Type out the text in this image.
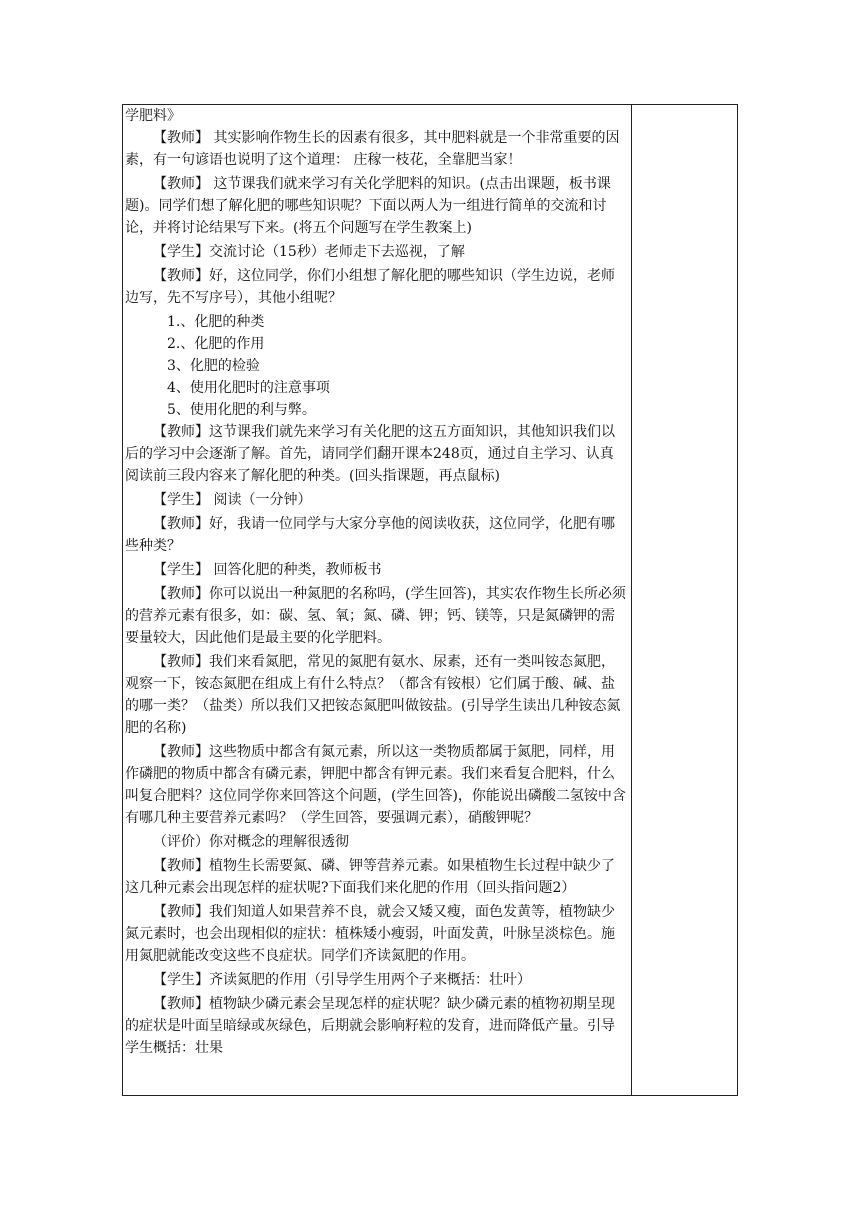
学肥料》

【教师】 其实影响作物生长的因素有很多，其中肥料就是一个非常重要的因素，有一句谚语也说明了这个道理： 庄稼一枝花，全靠肥当家！

【教师】 这节课我们就来学习有关化学肥料的知识。(点击出课题，板书课题)。同学们想了解化肥的哪些知识呢？下面以两人为一组进行简单的交流和讨论，并将讨论结果写下来。(将五个问题写在学生教案上)

【学生】交流讨论（15秒）老师走下去巡视，了解

【教师】好，这位同学，你们小组想了解化肥的哪些知识（学生边说，老师边写，先不写序号），其他小组呢？

1.、化肥的种类

2.、化肥的作用

3、化肥的检验

4、使用化肥时的注意事项

5、使用化肥的利与弊。

【教师】这节课我们就先来学习有关化肥的这五方面知识，其他知识我们以后的学习中会逐渐了解。首先，请同学们翻开课本248页，通过自主学习、认真阅读前三段内容来了解化肥的种类。(回头指课题，再点鼠标)

【学生】 阅读（一分钟）

【教师】好，我请一位同学与大家分享他的阅读收获，这位同学，化肥有哪些种类？

【学生】 回答化肥的种类，教师板书

【教师】你可以说出一种氮肥的名称吗，(学生回答)，其实农作物生长所必须的营养元素有很多，如：碳、氢、氧；氮、磷、钾；钙、镁等，只是氮磷钾的需要量较大，因此他们是最主要的化学肥料。

【教师】我们来看氮肥，常见的氮肥有氨水、尿素，还有一类叫铵态氮肥，观察一下，铵态氮肥在组成上有什么特点？（都含有铵根）它们属于酸、碱、盐的哪一类？（盐类）所以我们又把铵态氮肥叫做铵盐。(引导学生读出几种铵态氮肥的名称)

【教师】这些物质中都含有氮元素，所以这一类物质都属于氮肥，同样，用作磷肥的物质中都含有磷元素，钾肥中都含有钾元素。我们来看复合肥料，什么叫复合肥料？这位同学你来回答这个问题，(学生回答)，你能说出磷酸二氢铵中含有哪几种主要营养元素吗？（学生回答，要强调元素），硝酸钾呢？

（评价）你对概念的理解很透彻

【教师】植物生长需要氮、磷、钾等营养元素。如果植物生长过程中缺少了这几种元素会出现怎样的症状呢?下面我们来化肥的作用（回头指问题2）

【教师】我们知道人如果营养不良，就会又矮又瘦，面色发黄等，植物缺少氮元素时，也会出现相似的症状：植株矮小瘦弱，叶面发黄，叶脉呈淡棕色。施用氮肥就能改变这些不良症状。同学们齐读氮肥的作用。

【学生】齐读氮肥的作用（引导学生用两个子来概括：壮叶）

【教师】植物缺少磷元素会呈现怎样的症状呢？缺少磷元素的植物初期呈现的症状是叶面呈暗绿或灰绿色，后期就会影响籽粒的发育，进而降低产量。引导学生概括：壮果
